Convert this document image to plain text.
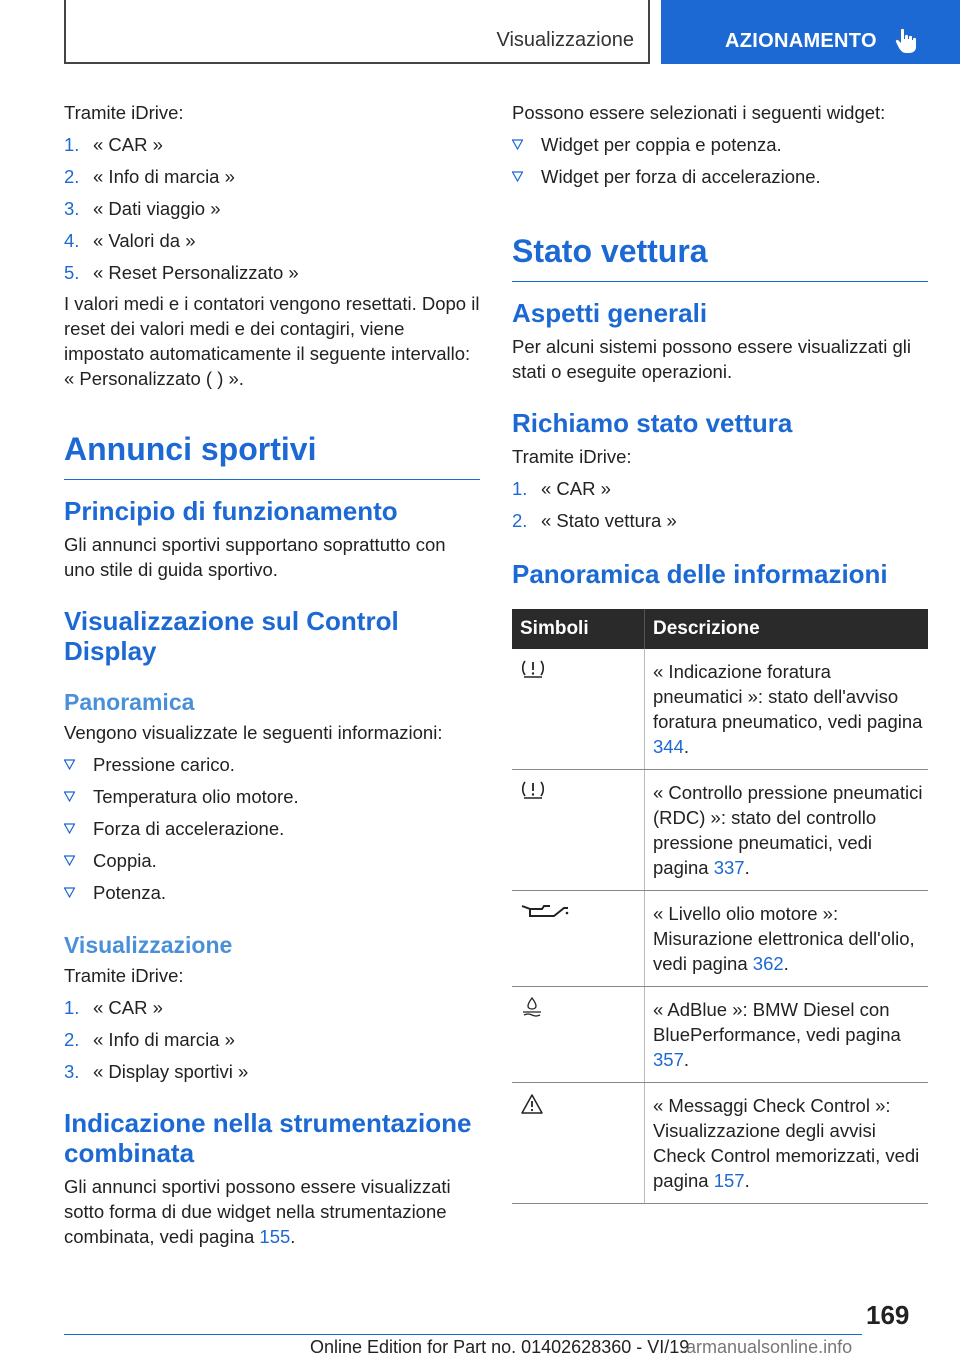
Visualizzazione	AZIONAMENTO

Tramite iDrive:

1. « CAR »
2. « Info di marcia »
3. « Dati viaggio »
4. « Valori da »
5. « Reset Personalizzato »

I valori medi e i contatori vengono resettati. Dopo il reset dei valori medi e dei contagiri, viene impostato automaticamente il seguente intervallo: « Personalizzato ( ) ».

Annunci sportivi
Principio di funzionamento

Gli annunci sportivi supportano soprattutto con uno stile di guida sportivo.

Visualizzazione sul Control Display
Panoramica

Vengono visualizzate le seguenti informazioni:

Pressione carico.
Temperatura olio motore.
Forza di accelerazione.
Coppia.
Potenza.
Visualizzazione

Tramite iDrive:

1. « CAR »
2. « Info di marcia »
3. « Display sportivi »
Indicazione nella strumentazione combinata

Gli annunci sportivi possono essere visualizzati sotto forma di due widget nella strumentazione combinata, vedi pagina 155.

Possono essere selezionati i seguenti widget:

Widget per coppia e potenza.
Widget per forza di accelerazione.
Stato vettura
Aspetti generali

Per alcuni sistemi possono essere visualizzati gli stati o eseguite operazioni.

Richiamo stato vettura

Tramite iDrive:

1. « CAR »
2. « Stato vettura »
Panoramica delle informazioni
Simboli	Descrizione
	« Indicazione foratura pneumatici »: stato dell'avviso foratura pneumatico, vedi pagina 344.
	« Controllo pressione pneumatici (RDC) »: stato del controllo pressione pneumatici, vedi pagina 337.
	« Livello olio motore »: Misurazione elettronica dell'olio, vedi pagina 362.
	« AdBlue »: BMW Diesel con BluePerformance, vedi pagina 357.
	« Messaggi Check Control »: Visualizzazione degli avvisi Check Control memorizzati, vedi pagina 157.
169
Online Edition for Part no. 01402628360 - VI/19
armanualsonline.info
